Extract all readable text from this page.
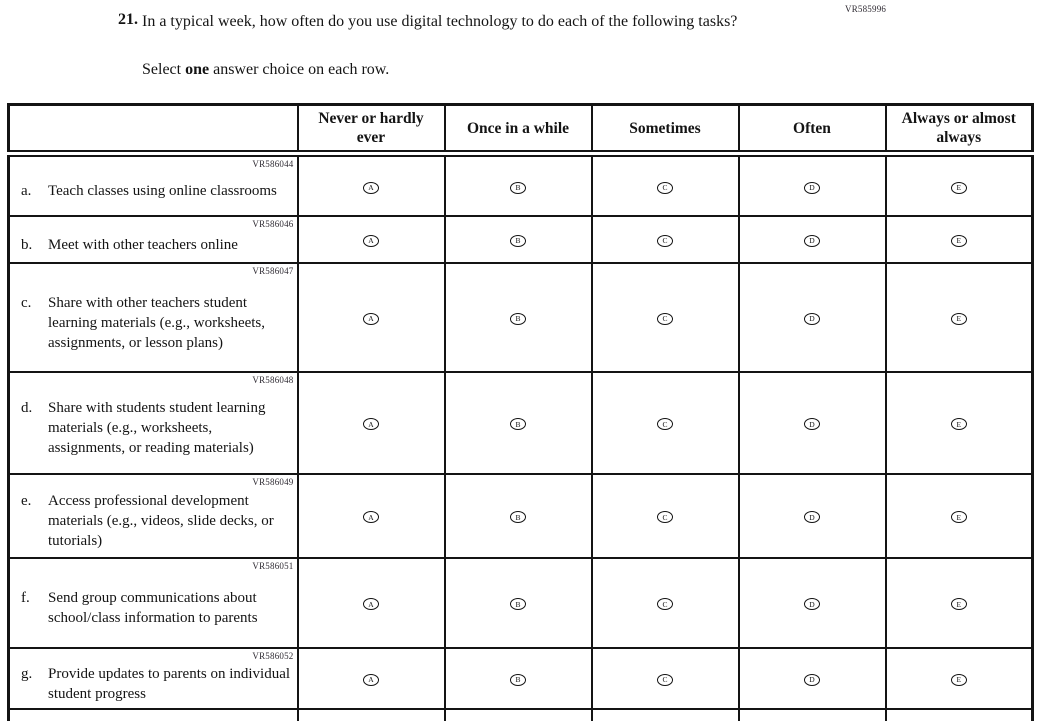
VR585996
21. In a typical week, how often do you use digital technology to do each of the following tasks?
Select one answer choice on each row.
	Never or hardly ever	Once in a while	Sometimes	Often	Always or almost always

VR586044
a. Teach classes using online classrooms	A	B	C	D	E

VR586046
b. Meet with other teachers online	A	B	C	D	E

VR586047
c. Share with other teachers student learning materials (e.g., worksheets, assignments, or lesson plans)	A	B	C	D	E

VR586048
d. Share with students student learning materials (e.g., worksheets, assignments, or reading materials)	A	B	C	D	E

VR586049
e. Access professional development materials (e.g., videos, slide decks, or tutorials)	A	B	C	D	E

VR586051
f. Send group communications about school/class information to parents	A	B	C	D	E

VR586052
g. Provide updates to parents on individual student progress	A	B	C	D	E
